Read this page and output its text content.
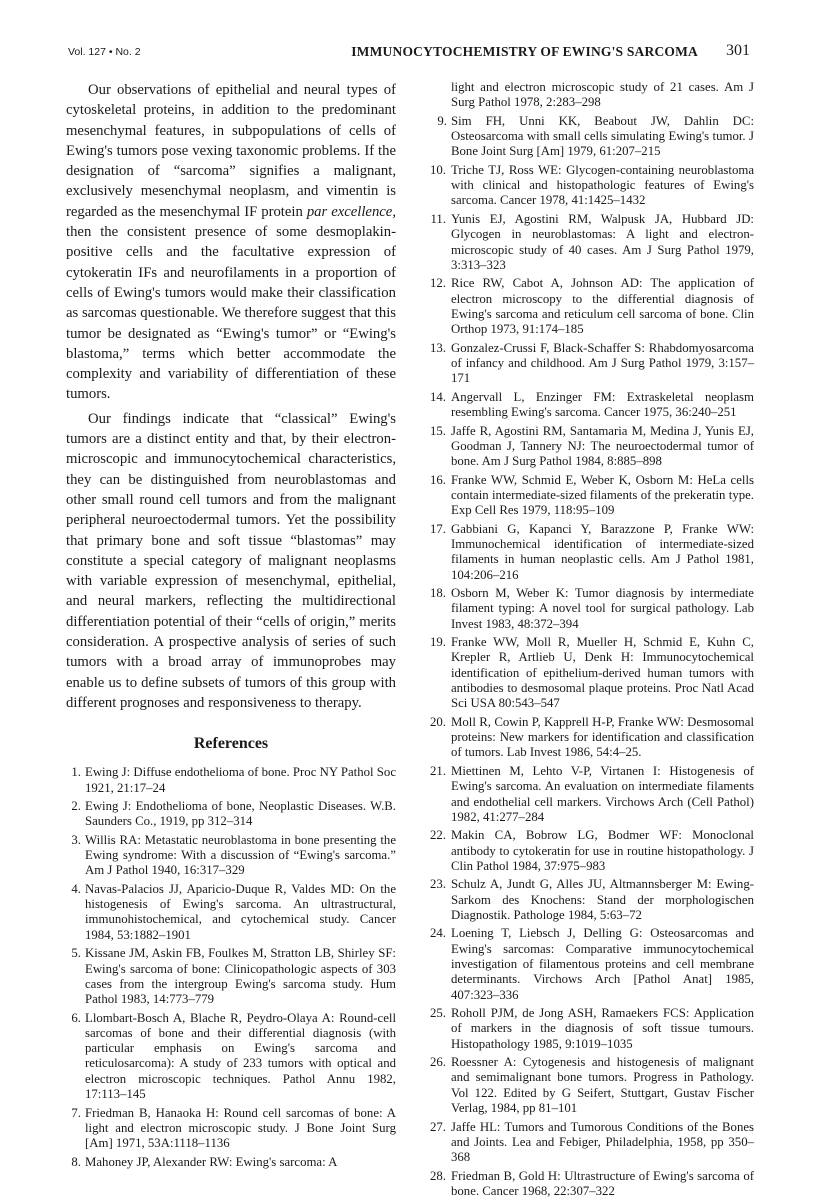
Vol. 127 • No. 2	IMMUNOCYTOCHEMISTRY OF EWING'S SARCOMA 301

Our observations of epithelial and neural types of cytoskeletal proteins, in addition to the predominant mesenchymal features, in subpopulations of cells of Ewing's tumors pose vexing taxonomic problems. If the designation of “sarcoma” signifies a malignant, exclusively mesenchymal neoplasm, and vimentin is regarded as the mesenchymal IF protein par excellence, then the consistent presence of some desmoplakin-positive cells and the facultative expression of cytokeratin IFs and neurofilaments in a proportion of cells of Ewing's tumors would make their classification as sarcomas questionable. We therefore suggest that this tumor be designated as “Ewing's tumor” or “Ewing's blastoma,” terms which better accommodate the complexity and variability of differentiation of these tumors.

Our findings indicate that “classical” Ewing's tumors are a distinct entity and that, by their electron-microscopic and immunocytochemical characteristics, they can be distinguished from neuroblastomas and other small round cell tumors and from the malignant peripheral neuroectodermal tumors. Yet the possibility that primary bone and soft tissue “blastomas” may constitute a special category of malignant neoplasms with variable expression of mesenchymal, epithelial, and neural markers, reflecting the multidirectional differentiation potential of their “cells of origin,” merits consideration. A prospective analysis of series of such tumors with a broad array of immunoprobes may enable us to define subsets of tumors of this group with different prognoses and responsiveness to therapy.

References
1. Ewing J: Diffuse endothelioma of bone. Proc NY Pathol Soc 1921, 21:17–24
2. Ewing J: Endothelioma of bone, Neoplastic Diseases. W.B. Saunders Co., 1919, pp 312–314
3. Willis RA: Metastatic neuroblastoma in bone presenting the Ewing syndrome: With a discussion of “Ewing's sarcoma.” Am J Pathol 1940, 16:317–329
4. Navas-Palacios JJ, Aparicio-Duque R, Valdes MD: On the histogenesis of Ewing's sarcoma. An ultrastructural, immunohistochemical, and cytochemical study. Cancer 1984, 53:1882–1901
5. Kissane JM, Askin FB, Foulkes M, Stratton LB, Shirley SF: Ewing's sarcoma of bone: Clinicopathologic aspects of 303 cases from the intergroup Ewing's sarcoma study. Hum Pathol 1983, 14:773–779
6. Llombart-Bosch A, Blache R, Peydro-Olaya A: Round-cell sarcomas of bone and their differential diagnosis (with particular emphasis on Ewing's sarcoma and reticulosarcoma): A study of 233 tumors with optical and electron microscopic techniques. Pathol Annu 1982, 17:113–145
7. Friedman B, Hanaoka H: Round cell sarcomas of bone: A light and electron microscopic study. J Bone Joint Surg [Am] 1971, 53A:1118–1136
8. Mahoney JP, Alexander RW: Ewing's sarcoma: A
light and electron microscopic study of 21 cases. Am J Surg Pathol 1978, 2:283–298
9. Sim FH, Unni KK, Beabout JW, Dahlin DC: Osteosarcoma with small cells simulating Ewing's tumor. J Bone Joint Surg [Am] 1979, 61:207–215
10. Triche TJ, Ross WE: Glycogen-containing neuroblastoma with clinical and histopathologic features of Ewing's sarcoma. Cancer 1978, 41:1425–1432
11. Yunis EJ, Agostini RM, Walpusk JA, Hubbard JD: Glycogen in neuroblastomas: A light and electron-microscopic study of 40 cases. Am J Surg Pathol 1979, 3:313–323
12. Rice RW, Cabot A, Johnson AD: The application of electron microscopy to the differential diagnosis of Ewing's sarcoma and reticulum cell sarcoma of bone. Clin Orthop 1973, 91:174–185
13. Gonzalez-Crussi F, Black-Schaffer S: Rhabdomyosarcoma of infancy and childhood. Am J Surg Pathol 1979, 3:157–171
14. Angervall L, Enzinger FM: Extraskeletal neoplasm resembling Ewing's sarcoma. Cancer 1975, 36:240–251
15. Jaffe R, Agostini RM, Santamaria M, Medina J, Yunis EJ, Goodman J, Tannery NJ: The neuroectodermal tumor of bone. Am J Surg Pathol 1984, 8:885–898
16. Franke WW, Schmid E, Weber K, Osborn M: HeLa cells contain intermediate-sized filaments of the prekeratin type. Exp Cell Res 1979, 118:95–109
17. Gabbiani G, Kapanci Y, Barazzone P, Franke WW: Immunochemical identification of intermediate-sized filaments in human neoplastic cells. Am J Pathol 1981, 104:206–216
18. Osborn M, Weber K: Tumor diagnosis by intermediate filament typing: A novel tool for surgical pathology. Lab Invest 1983, 48:372–394
19. Franke WW, Moll R, Mueller H, Schmid E, Kuhn C, Krepler R, Artlieb U, Denk H: Immunocytochemical identification of epithelium-derived human tumors with antibodies to desmosomal plaque proteins. Proc Natl Acad Sci USA 80:543–547
20. Moll R, Cowin P, Kapprell H-P, Franke WW: Desmosomal proteins: New markers for identification and classification of tumors. Lab Invest 1986, 54:4–25.
21. Miettinen M, Lehto V-P, Virtanen I: Histogenesis of Ewing's sarcoma. An evaluation on intermediate filaments and endothelial cell markers. Virchows Arch (Cell Pathol) 1982, 41:277–284
22. Makin CA, Bobrow LG, Bodmer WF: Monoclonal antibody to cytokeratin for use in routine histopathology. J Clin Pathol 1984, 37:975–983
23. Schulz A, Jundt G, Alles JU, Altmannsberger M: Ewing-Sarkom des Knochens: Stand der morphologischen Diagnostik. Pathologe 1984, 5:63–72
24. Loening T, Liebsch J, Delling G: Osteosarcomas and Ewing's sarcomas: Comparative immunocytochemical investigation of filamentous proteins and cell membrane determinants. Virchows Arch [Pathol Anat] 1985, 407:323–336
25. Roholl PJM, de Jong ASH, Ramaekers FCS: Application of markers in the diagnosis of soft tissue tumours. Histopathology 1985, 9:1019–1035
26. Roessner A: Cytogenesis and histogenesis of malignant and semimalignant bone tumors. Progress in Pathology. Vol 122. Edited by G Seifert, Stuttgart, Gustav Fischer Verlag, 1984, pp 81–101
27. Jaffe HL: Tumors and Tumorous Conditions of the Bones and Joints. Lea and Febiger, Philadelphia, 1958, pp 350–368
28. Friedman B, Gold H: Ultrastructure of Ewing's sarcoma of bone. Cancer 1968, 22:307–322
